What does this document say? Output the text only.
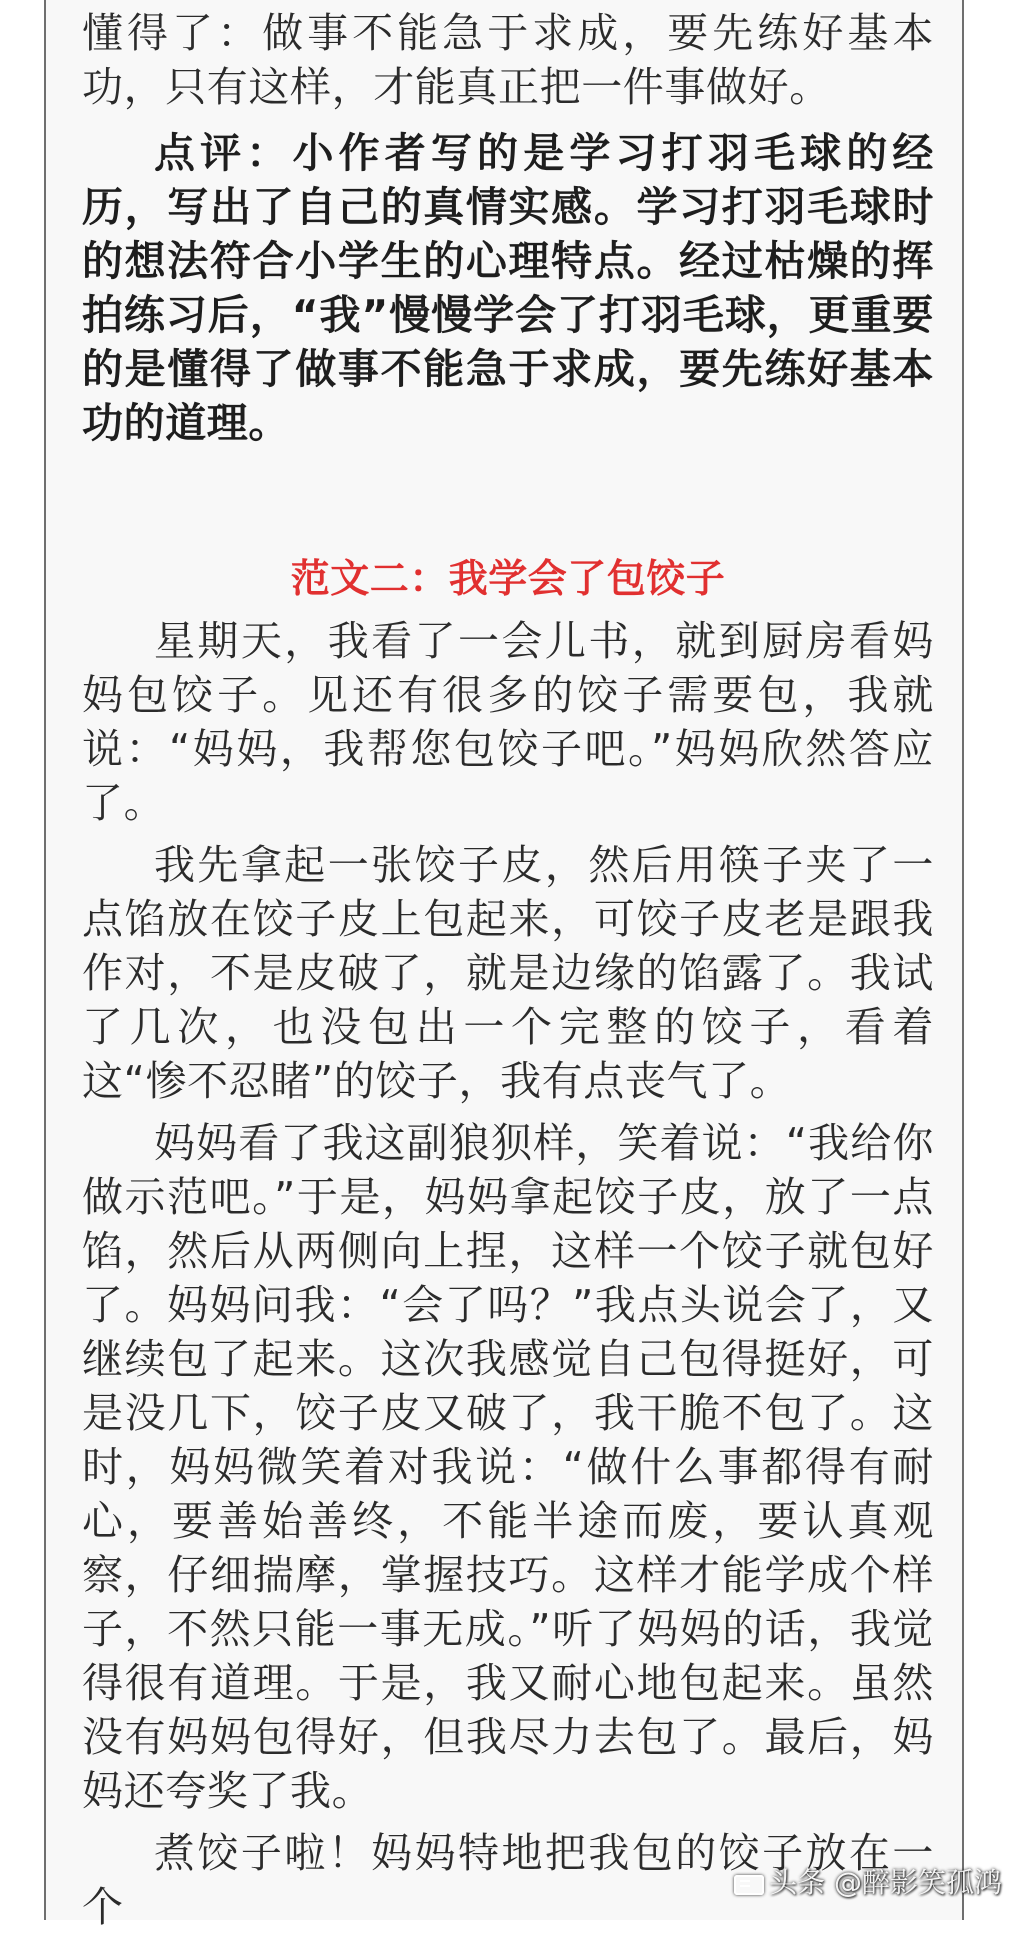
懂得了：做事不能急于求成，要先练好基本功，只有这样，才能真正把一件事做好。

点评：小作者写的是学习打羽毛球的经历，写出了自己的真情实感。学习打羽毛球时的想法符合小学生的心理特点。经过枯燥的挥拍练习后，“我”慢慢学会了打羽毛球，更重要的是懂得了做事不能急于求成，要先练好基本功的道理。

范文二：我学会了包饺子

星期天，我看了一会儿书，就到厨房看妈妈包饺子。见还有很多的饺子需要包，我就说：“妈妈，我帮您包饺子吧。”妈妈欣然答应了。

我先拿起一张饺子皮，然后用筷子夹了一点馅放在饺子皮上包起来，可饺子皮老是跟我作对，不是皮破了，就是边缘的馅露了。我试了几次，也没包出一个完整的饺子，看着这“惨不忍睹”的饺子，我有点丧气了。

妈妈看了我这副狼狈样，笑着说：“我给你做示范吧。”于是，妈妈拿起饺子皮，放了一点馅，然后从两侧向上捏，这样一个饺子就包好了。妈妈问我：“会了吗？”我点头说会了，又继续包了起来。这次我感觉自己包得挺好，可是没几下，饺子皮又破了，我干脆不包了。这时，妈妈微笑着对我说：“做什么事都得有耐心，要善始善终，不能半途而废，要认真观察，仔细揣摩，掌握技巧。这样才能学成个样子，不然只能一事无成。”听了妈妈的话，我觉得很有道理。于是，我又耐心地包起来。虽然没有妈妈包得好，但我尽力去包了。最后，妈妈还夸奖了我。

煮饺子啦！妈妈特地把我包的饺子放在一个

头条 @醉影笑孤鸿
